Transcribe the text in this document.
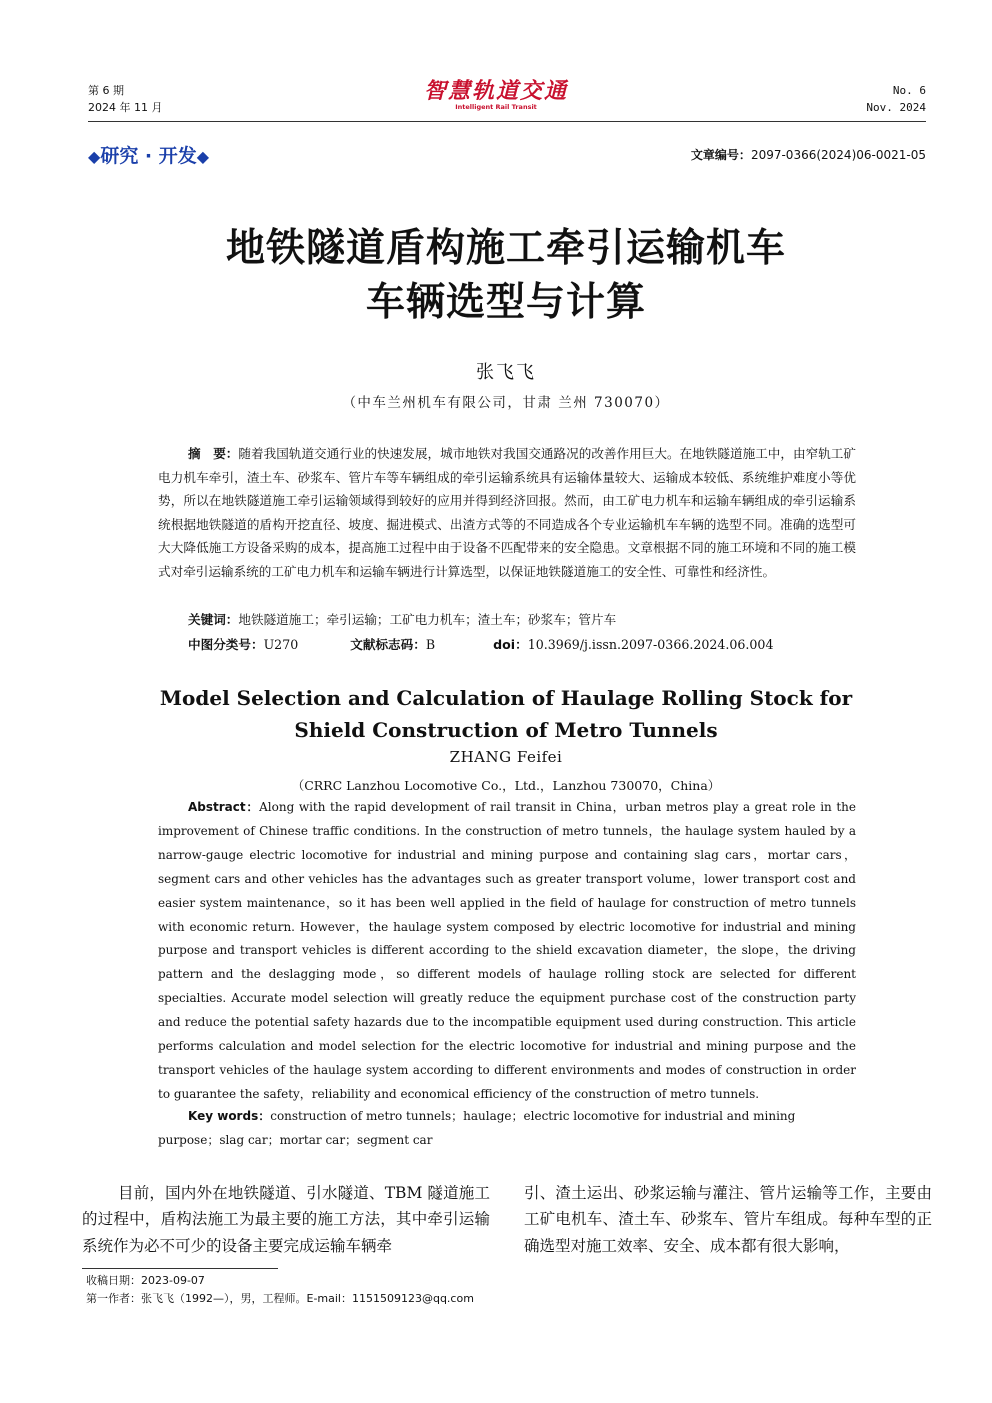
第 6 期
2024 年 11 月
智慧轨道交通
Intelligent Rail Transit
No. 6
Nov. 2024
◆研究 · 开发◆	文章编号：2097-0366(2024)06-0021-05
地铁隧道盾构施工牵引运输机车
车辆选型与计算
张飞飞
（中车兰州机车有限公司，甘肃 兰州 730070）
摘　要：随着我国轨道交通行业的快速发展，城市地铁对我国交通路况的改善作用巨大。在地铁隧道施工中，由窄轨工矿电力机车牵引，渣土车、砂浆车、管片车等车辆组成的牵引运输系统具有运输体量较大、运输成本较低、系统维护难度小等优势，所以在地铁隧道施工牵引运输领域得到较好的应用并得到经济回报。然而，由工矿电力机车和运输车辆组成的牵引运输系统根据地铁隧道的盾构开挖直径、坡度、掘进模式、出渣方式等的不同造成各个专业运输机车车辆的选型不同。准确的选型可大大降低施工方设备采购的成本，提高施工过程中由于设备不匹配带来的安全隐患。文章根据不同的施工环境和不同的施工模式对牵引运输系统的工矿电力机车和运输车辆进行计算选型，以保证地铁隧道施工的安全性、可靠性和经济性。
关键词：地铁隧道施工；牵引运输；工矿电力机车；渣土车；砂浆车；管片车
中图分类号：U270	文献标志码：B	doi：10.3969/j.issn.2097-0366.2024.06.004
Model Selection and Calculation of Haulage Rolling Stock for
Shield Construction of Metro Tunnels
ZHANG Feifei
（CRRC Lanzhou Locomotive Co.，Ltd.，Lanzhou 730070，China）
Abstract：Along with the rapid development of rail transit in China，urban metros play a great role in the improvement of Chinese traffic conditions. In the construction of metro tunnels，the haulage system hauled by a narrow-gauge electric locomotive for industrial and mining purpose and containing slag cars，mortar cars，segment cars and other vehicles has the advantages such as greater transport volume，lower transport cost and easier system maintenance，so it has been well applied in the field of haulage for construction of metro tunnels with economic return. However，the haulage system composed by electric locomotive for industrial and mining purpose and transport vehicles is different according to the shield excavation diameter，the slope，the driving pattern and the deslagging mode，so different models of haulage rolling stock are selected for different specialties. Accurate model selection will greatly reduce the equipment purchase cost of the construction party and reduce the potential safety hazards due to the incompatible equipment used during construction. This article performs calculation and model selection for the electric locomotive for industrial and mining purpose and the transport vehicles of the haulage system according to different environments and modes of construction in order to guarantee the safety，reliability and economical efficiency of the construction of metro tunnels.
Key words：construction of metro tunnels；haulage；electric locomotive for industrial and mining purpose；slag car；mortar car；segment car
目前，国内外在地铁隧道、引水隧道、TBM 隧道施工的过程中，盾构法施工为最主要的施工方法，其中牵引运输系统作为必不可少的设备主要完成运输车辆牵
引、渣土运出、砂浆运输与灌注、管片运输等工作，主要由工矿电机车、渣土车、砂浆车、管片车组成。每种车型的正确选型对施工效率、安全、成本都有很大影响，
收稿日期：2023-09-07
第一作者：张飞飞（1992—），男，工程师。E-mail：1151509123@qq.com
